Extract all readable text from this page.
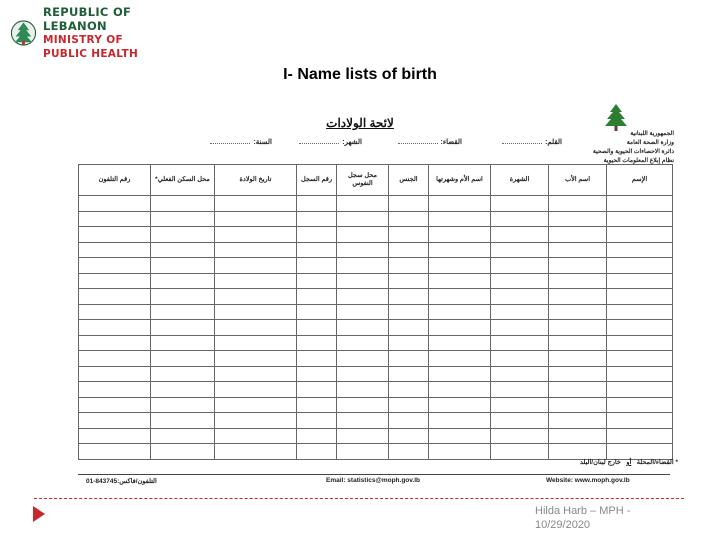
REPUBLIC OF LEBANON
MINISTRY OF PUBLIC HEALTH
I- Name lists of birth
الجمهورية اللبنانية
وزارة الصحة العامة
دائرة الاحصاءات الحيوية والصحية
نظام إبلاغ المعلومات الحيوية
لائحة الولادات
القلم:
القضاء:
الشهر:
السنة:
الإسم	اسم الأب	الشهرة	اسم الأم وشهرتها	الجنس	محل سجل النفوس	رقم السجل	تاريخ الولادة	محل السكن الفعلي*	رقم التلفون

* القضاء/المحلة   أو   خارج لبنان/البلد
01-843745:التلفون/فاكس	Email: statistics@moph.gov.lb	Website: www.moph.gov.lb
Hilda Harb – MPH - 10/29/2020
